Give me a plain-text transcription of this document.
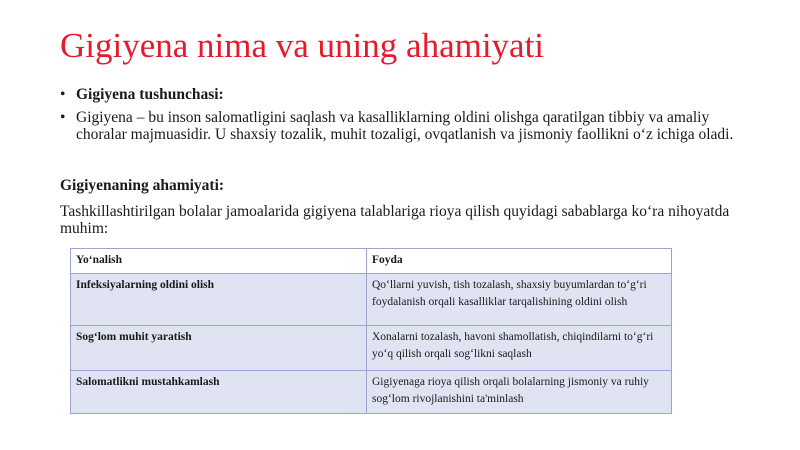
Gigiyena nima va uning ahamiyati
• Gigiyena tushunchasi:
• Gigiyena – bu inson salomatligini saqlash va kasalliklarning oldini olishga qaratilgan tibbiy va amaliy choralar majmuasidir. U shaxsiy tozalik, muhit tozaligi, ovqatlanish va jismoniy faollikni o‘z ichiga oladi.
Gigiyenaning ahamiyati:
Tashkillashtirilgan bolalar jamoalarida gigiyena talablariga rioya qilish quyidagi sabablarga ko‘ra nihoyatda muhim:
Yo‘nalish	Foyda
Infeksiyalarning oldini olish	Qo‘llarni yuvish, tish tozalash, shaxsiy buyumlardan to‘g‘ri foydalanish orqali kasalliklar tarqalishining oldini olish
Sog‘lom muhit yaratish	Xonalarni tozalash, havoni shamollatish, chiqindilarni to‘g‘ri yo‘q qilish orqali sog‘likni saqlash
Salomatlikni mustahkamlash	Gigiyenaga rioya qilish orqali bolalarning jismoniy va ruhiy sog‘lom rivojlanishini ta'minlash
